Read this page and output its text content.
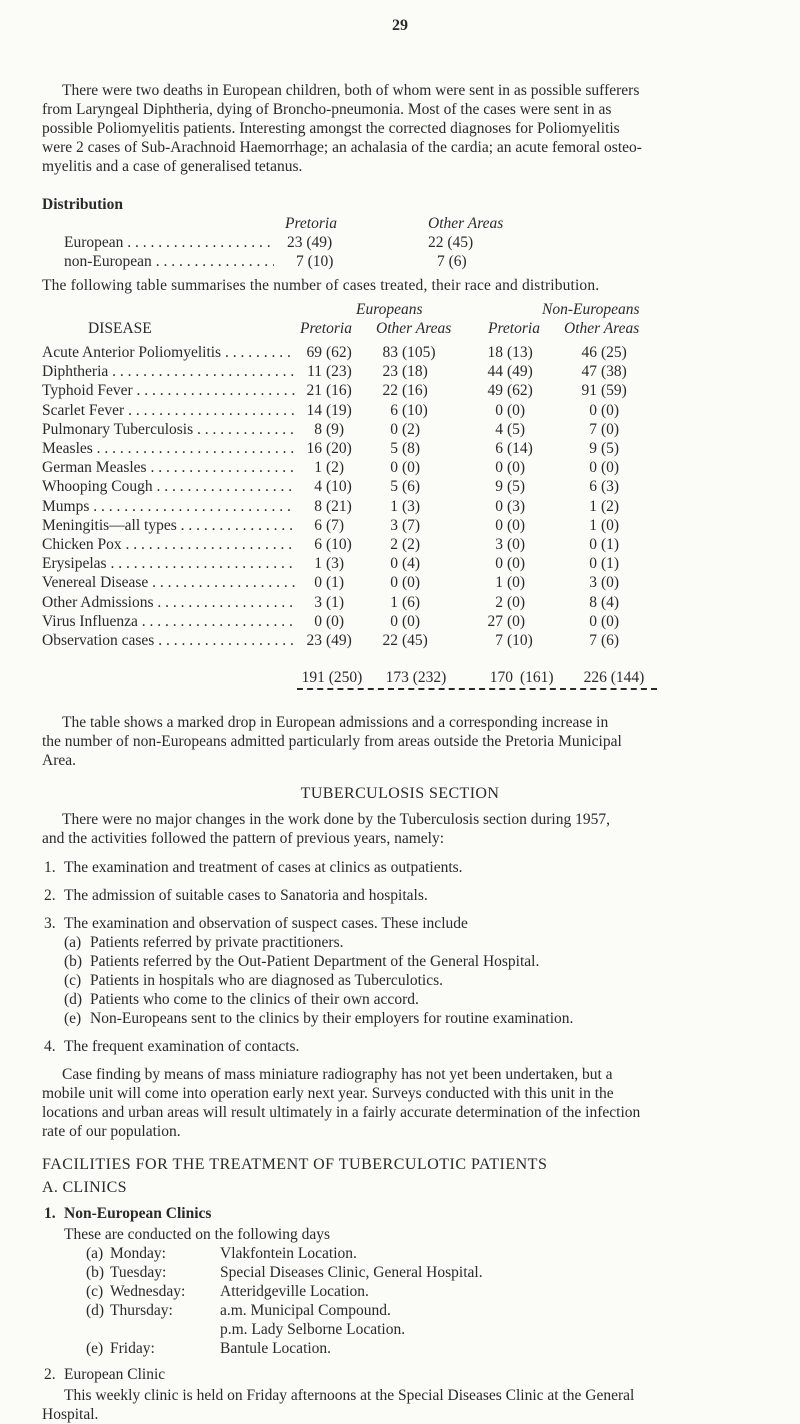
29
There were two deaths in European children, both of whom were sent in as possible sufferers
from Laryngeal Diphtheria, dying of Broncho-pneumonia. Most of the cases were sent in as
possible Poliomyelitis patients. Interesting amongst the corrected diagnoses for Poliomyelitis
were 2 cases of Sub-Arachnoid Haemorrhage; an achalasia of the cardia; an acute femoral osteo-
myelitis and a case of generalised tetanus.
Distribution
Pretoria	Other Areas
European . . .	23 (49)	22 (45)
non-European . . .	7 (10)	7 (6)
The following table summarises the number of cases treated, their race and distribution.
Europeans	Non-Europeans
DISEASE	Pretoria Other Areas Pretoria Other Areas
Acute Anterior Poliomyelitis . . .	69 (62)	83 (105)	18 (13)	46 (25)
Diphtheria . . .	11 (23)	23 (18)	44 (49)	47 (38)
Typhoid Fever . . .	21 (16)	22 (16)	49 (62)	91 (59)
Scarlet Fever . . .	14 (19)	6 (10)	0 (0)	0 (0)
Pulmonary Tuberculosis . . .	8 (9)	0 (2)	4 (5)	7 (0)
Measles . . .	16 (20)	5 (8)	6 (14)	9 (5)
German Measles . . .	1 (2)	0 (0)	0 (0)	0 (0)
Whooping Cough . . .	4 (10)	5 (6)	9 (5)	6 (3)
Mumps . . .	8 (21)	1 (3)	0 (3)	1 (2)
Meningitis—all types . . .	6 (7)	3 (7)	0 (0)	1 (0)
Chicken Pox . . .	6 (10)	2 (2)	3 (0)	0 (1)
Erysipelas . . .	1 (3)	0 (4)	0 (0)	0 (1)
Venereal Disease . . .	0 (1)	0 (0)	1 (0)	3 (0)
Other Admissions . . .	3 (1)	1 (6)	2 (0)	8 (4)
Virus Influenza . . .	0 (0)	0 (0)	27 (0)	0 (0)
Observation cases . . .	23 (49)	22 (45)	7 (10)	7 (6)
191 (250)	173 (232)	170 (161)	226 (144)
The table shows a marked drop in European admissions and a corresponding increase in
the number of non-Europeans admitted particularly from areas outside the Pretoria Municipal
Area.
TUBERCULOSIS SECTION
There were no major changes in the work done by the Tuberculosis section during 1957,
and the activities followed the pattern of previous years, namely:
1. The examination and treatment of cases at clinics as outpatients.
2. The admission of suitable cases to Sanatoria and hospitals.
3. The examination and observation of suspect cases. These include
(a) Patients referred by private practitioners.
(b) Patients referred by the Out-Patient Department of the General Hospital.
(c) Patients in hospitals who are diagnosed as Tuberculotics.
(d) Patients who come to the clinics of their own accord.
(e) Non-Europeans sent to the clinics by their employers for routine examination.
4. The frequent examination of contacts.
Case finding by means of mass miniature radiography has not yet been undertaken, but a
mobile unit will come into operation early next year. Surveys conducted with this unit in the
locations and urban areas will result ultimately in a fairly accurate determination of the infection
rate of our population.
FACILITIES FOR THE TREATMENT OF TUBERCULOTIC PATIENTS
A. CLINICS
1. Non-European Clinics
These are conducted on the following days
(a) Monday:	Vlakfontein Location.
(b) Tuesday:	Special Diseases Clinic, General Hospital.
(c) Wednesday: Atteridgeville Location.
(d) Thursday:	a.m. Municipal Compound.
p.m. Lady Selborne Location.
(e) Friday:	Bantule Location.
2. European Clinic
This weekly clinic is held on Friday afternoons at the Special Diseases Clinic at the General
Hospital.
